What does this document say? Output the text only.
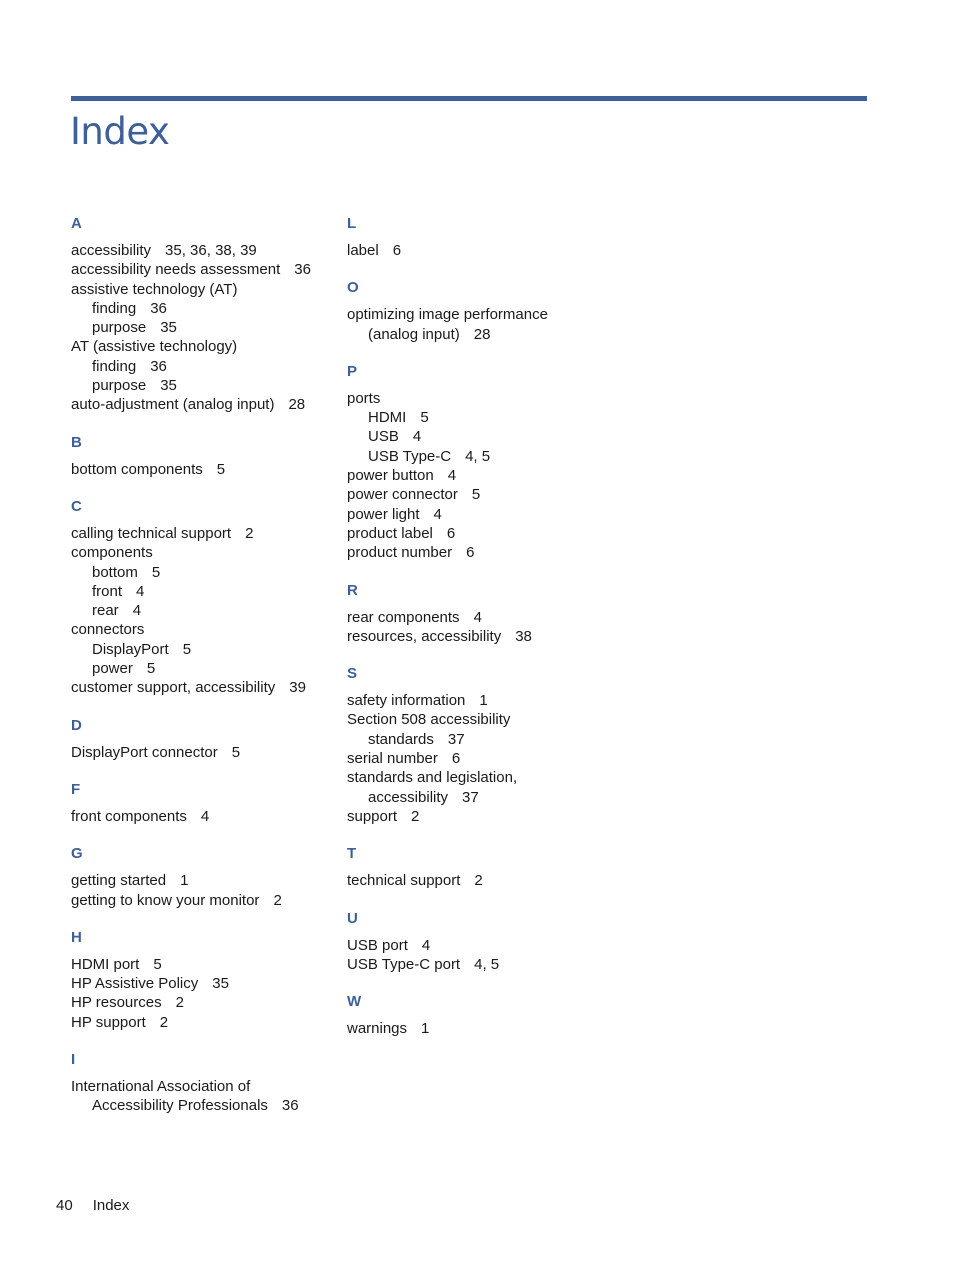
Index
A
accessibility 35, 36, 38, 39
accessibility needs assessment 36
assistive technology (AT)
finding 36
purpose 35
AT (assistive technology)
finding 36
purpose 35
auto-adjustment (analog input) 28
B
bottom components 5
C
calling technical support 2
components
bottom 5
front 4
rear 4
connectors
DisplayPort 5
power 5
customer support, accessibility 39
D
DisplayPort connector 5
F
front components 4
G
getting started 1
getting to know your monitor 2
H
HDMI port 5
HP Assistive Policy 35
HP resources 2
HP support 2
I
International Association of
Accessibility Professionals 36
L
label 6
O
optimizing image performance
(analog input) 28
P
ports
HDMI 5
USB 4
USB Type-C 4, 5
power button 4
power connector 5
power light 4
product label 6
product number 6
R
rear components 4
resources, accessibility 38
S
safety information 1
Section 508 accessibility
standards 37
serial number 6
standards and legislation,
accessibility 37
support 2
T
technical support 2
U
USB port 4
USB Type-C port 4, 5
W
warnings 1
40 Index
